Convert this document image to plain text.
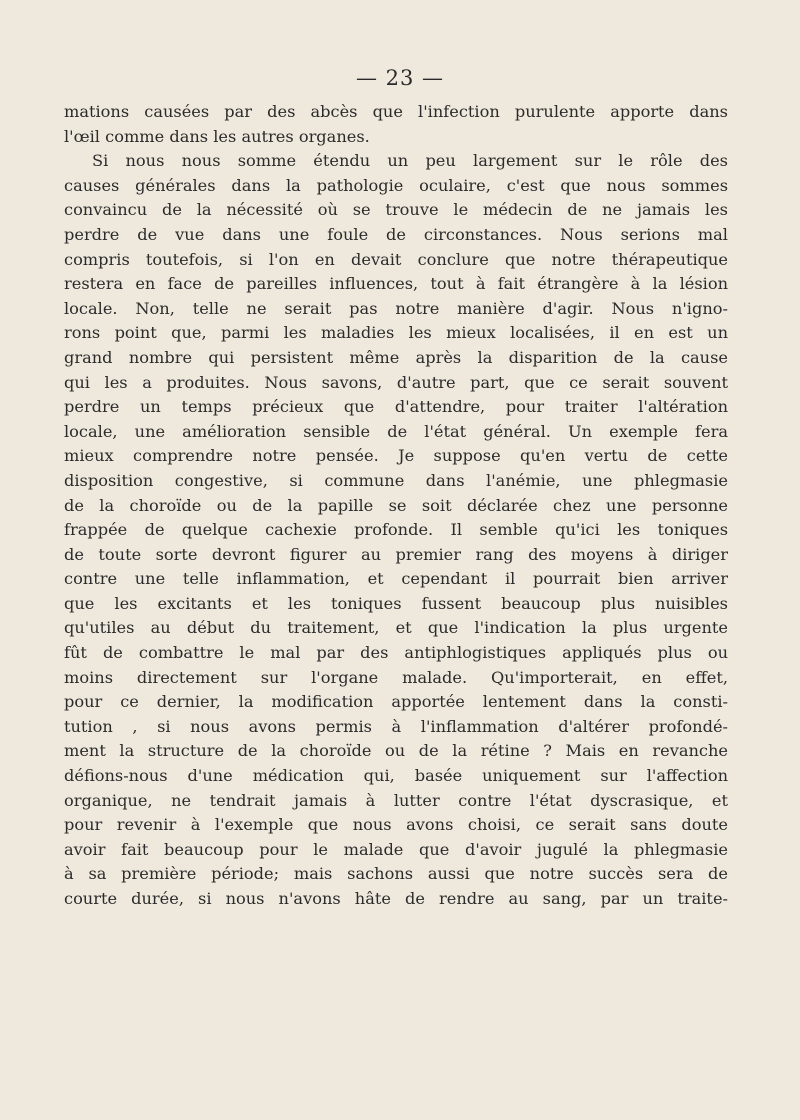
— 23 —
mations causées par des abcès que l'infection purulente apporte dans
l'œil comme dans les autres organes.
Si nous nous somme étendu un peu largement sur le rôle des
causes générales dans la pathologie oculaire, c'est que nous sommes
convaincu de la nécessité où se trouve le médecin de ne jamais les
perdre de vue dans une foule de circonstances. Nous serions mal
compris toutefois, si l'on en devait conclure que notre thérapeutique
restera en face de pareilles influences, tout à fait étrangère à la lésion
locale. Non, telle ne serait pas notre manière d'agir. Nous n'igno-
rons point que, parmi les maladies les mieux localisées, il en est un
grand nombre qui persistent même après la disparition de la cause
qui les a produites. Nous savons, d'autre part, que ce serait souvent
perdre un temps précieux que d'attendre, pour traiter l'altération
locale, une amélioration sensible de l'état général. Un exemple fera
mieux comprendre notre pensée. Je suppose qu'en vertu de cette
disposition congestive, si commune dans l'anémie, une phlegmasie
de la choroïde ou de la papille se soit déclarée chez une personne
frappée de quelque cachexie profonde. Il semble qu'ici les toniques
de toute sorte devront figurer au premier rang des moyens à diriger
contre une telle inflammation, et cependant il pourrait bien arriver
que les excitants et les toniques fussent beaucoup plus nuisibles
qu'utiles au début du traitement, et que l'indication la plus urgente
fût de combattre le mal par des antiphlogistiques appliqués plus ou
moins directement sur l'organe malade. Qu'importerait, en effet,
pour ce dernier, la modification apportée lentement dans la consti-
tution , si nous avons permis à l'inflammation d'altérer profondé-
ment la structure de la choroïde ou de la rétine ? Mais en revanche
défions-nous d'une médication qui, basée uniquement sur l'affection
organique, ne tendrait jamais à lutter contre l'état dyscrasique, et
pour revenir à l'exemple que nous avons choisi, ce serait sans doute
avoir fait beaucoup pour le malade que d'avoir jugulé la phlegmasie
à sa première période; mais sachons aussi que notre succès sera de
courte durée, si nous n'avons hâte de rendre au sang, par un traite-
